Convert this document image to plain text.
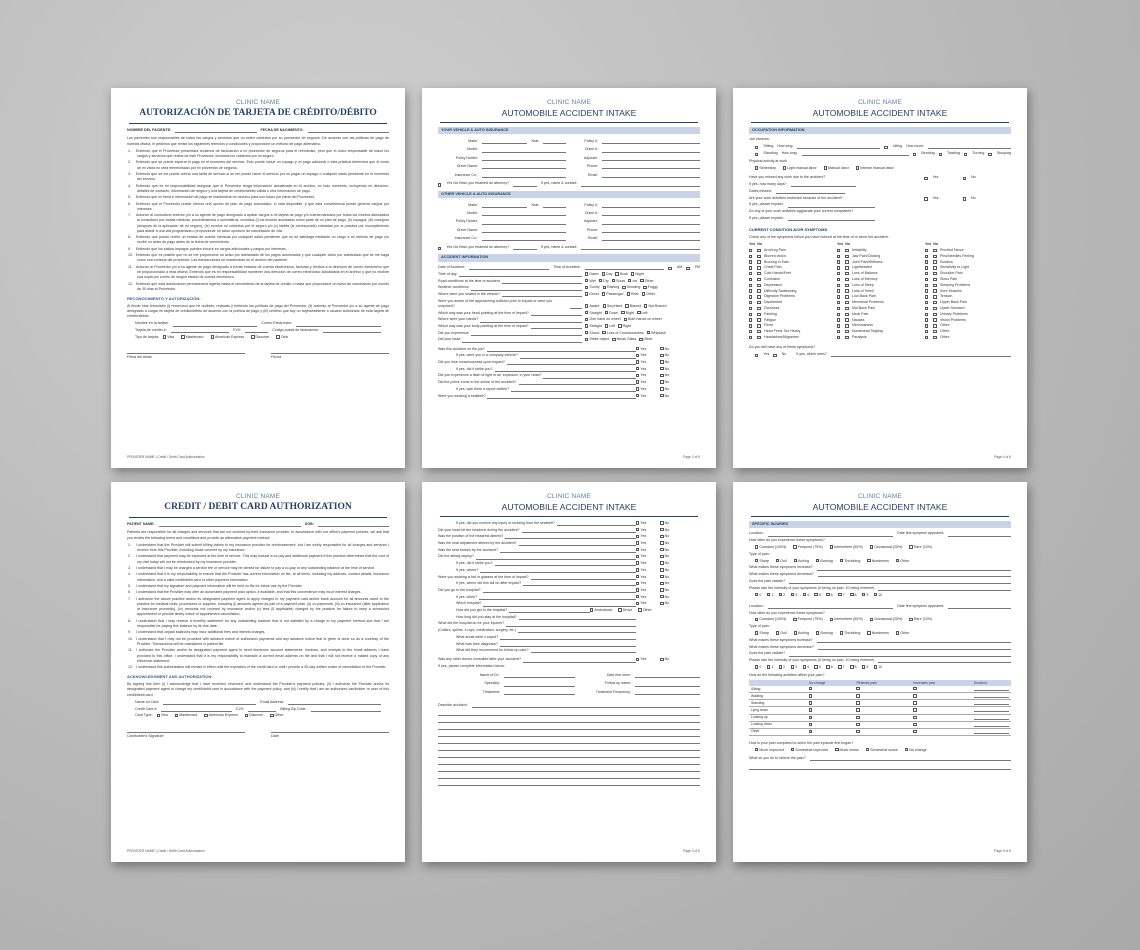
CLINIC NAME
AUTORIZACIÓN DE TARJETA DE CRÉDITO/DÉBITO
NOMBRE DEL PACIENTE:	FECHA DE NACIMIENTO:

Los pacientes son responsables de todos los cargos y servicios que no estén cubiertos por su proveedor de seguros. De acuerdo con las políticas de pago de nuestra oficina, le pedimos que revise los siguientes términos y condiciones y proporcione un método de pago alternativo.

1. Entiendo que el Proveedor presentará reclamos de facturación a mi proveedor de seguros para el reembolso, pero que el único responsable de todos los cargos y servicios que reciba de este Proveedor, incluidos los cubiertos por mi seguro.

2. Entiendo que se puede esperar el pago en el momento del servicio. Esto puede incluir un copago y un pago adicional o esta práctica determina que el costo de mi visita no será reembolsado por mi proveedor de seguros.

3. Entiendo que se me puede cobrar una tarifa de servicio si se me puede hacer el servicio por no pagar un copago o cualquier saldo pendiente en el momento del servicio.

4. Entiendo que es mi responsabilidad asegurar que el Proveedor tenga información actualizada en el archivo, en todo momento, incluyendo mi dirección, detalles de contacto, información del seguro y una tarjeta de crédito/débito válida u otra información de pago.

5. Entiendo que mi firma e información de pago se mantendrán en archivo para uso futuro por parte del Proveedor.

6. Entiendo que el Proveedor puede ofrecer una opción de plan de pago automático, si está disponible, y que esta conveniencia puede generar cargos por intereses.

7. Autorizo al consultorio anterior y/o a su agente de pago designado a aplicar cargos a mi tarjeta de pago y/o cuenta bancaria por todos los montos adeudados al consultorio por visitas médicas, procedimientos o suministros, incluidos (i) los montos acordados como parte de un plan de pago, (ii) copagos, (iii) coseguro (después de la aplicación de mi seguro), (iv) montos no cubiertos por el seguro y/o (v) tarifas (si corresponde) cobradas por la práctica por incumplimiento para asistir a una cita programada o proporcionar un aviso oportuno de cancelación de cita.

8. Entiendo que puedo recibir un estado de cuenta mensual por cualquier saldo pendiente que no se satisfaga mediante un cargo a mi método de pago y/o recibir un aviso de pago antes de la fecha de vencimiento.

9. Entiendo que los saldos impagos pueden incurrir en cargos adicionales y cargos por intereses.

10. Entiendo que es posible que no se me proporcione un aviso por adelantado de los pagos autorizados y que cualquier aviso por adelantado que se me haga como una cortesía del proveedor. Las transacciones se mantendrán en el archivo del paciente.

11. Autorizo al Proveedor y/o a su agente de pago designado a enviar estados de cuenta electrónicos, facturas y recibos a la dirección de correo electrónico que he proporcionado a esta oficina. Entiendo que es mi responsabilidad mantener una dirección de correo electrónico actualizada en el archivo y que no recibiré una copia por correo de ningún estado de cuenta electrónico.

12. Entiendo que esta autorización permanecerá vigente hasta el vencimiento de la tarjeta de crédito o hasta que proporcione un aviso de cancelación por escrito de 30 días al Proveedor.

RECONOCIMIENTO Y AUTORIZACIÓN:

Al firmar este formulario (i) reconozco que he recibido, revisado y entiendo las políticas de pago del Proveedor, (ii) autorizo al Proveedor y/o a su agente de pago designado a cargar mi tarjeta de crédito/débito de acuerdo con la política de pago y (iii) certifico que soy un tarjetahabiente o usuario autorizado de esta tarjeta de crédito/débito.

Nombre en la tarjeta:	Correo Electrónico:
Tarjeta de crédito #:	CVV:	Código postal de facturación:
Tipo de tarjeta:	Visa	Mastercard	American Express	Discover	Otra
Firma del titular	Fecha
PROVIDER NAME | Credit / Debit Card Authorization
CLINIC NAME
AUTOMOBILE ACCIDENT INTAKE
YOUR VEHICLE & AUTO INSURANCE
Make:	Year:	Policy #:
Model:	Claim #:
Policy Holder:	Adjuster:
Driver Name:	Phone:
Insurance Co.:	Email:
Yes No Have you retained an attorney?	If yes, name & contact:
OTHER VEHICLE & AUTO INSURANCE
Make:	Year:	Policy #:
Model:	Claim #:
Policy Holder:	Adjuster:
Driver Name:	Phone:
Insurance Co.:	Email:
Yes No Have you retained an attorney?	If yes, name & contact:
ACCIDENT INFORMATION
Date of Accident:	Time of Accident:	AM	PM
Time of day	Dawn Day Dusk Night
Road conditions at the time of accident	Wet Dry Snow Ice Other
Weather conditions	Sunny Raining Snowing Foggy
Where were you seated in the vehicle?	Driver Passenger Rear Other
Were you aware of the approaching collision prior to impact or were you surprised?	Aware Surprised Braced Not Braced
Which way was your head pointing at the time of impact?	Straight Down Right Left
Where were your hands?	One hand on wheel Both hands on wheel
Which way was your body pointing at the time of impact?	Straight Left Right
Did you experience	Shock Loss of Consciousness Whiplash
Did your head	Strike object Break Glass Other
Was this accident on the job?	Yes	No
If yes, were you in a company vehicle?	Yes	No
Did you lose consciousness upon impact?	Yes	No
If yes, did it strike you?	Yes	No
Did you experience a flash of light or an 'explosion' in your head?	Yes	No
Did the police come to the scene of the accident?	Yes	No
If yes, was there a report written?	Yes	No
Were you wearing a seatbelt?	Yes	No
Page 2 of 6
CLINIC NAME
AUTOMOBILE ACCIDENT INTAKE
OCCUPATION INFORMATION
Job involves:
Sitting How long:	Lifting How much:
Standing How long:	Bending	Twisting	Turning	Stooping
Physical activity at work
Sedentary	Light manual labor	Manual labor	Intense manual labor
Have you missed any work due to the accident?	Yes	No
If yes, how many days?
Dates missed:
Are your work activities restricted because of the accident?	Yes	No
If yes, please explain:
Do any of your work activities aggravate your current complaints?
If yes, please explain:
CURRENT CONDITION &/OR SYMPTOMS
Check any of the symptoms below you have noticed at the time of or since the accident:
Yes No	Yes No	Yes No
Arm/Leg Pain	Irritability	Pinched Nerve
Blurred vision	Jaw Pain/Clicking	Pins/Needles Feeling
Buzzing in Ears	Joint Pain/Stiffness	Sciatica
Chest Pain	Lightheaded	Sensitivity to Light
Cold Hands/Feet	Loss of Balance	Shoulder Pain
Confusion	Loss of Memory	Sinus Pain
Depression	Loss of Sleep	Sleeping Problems
Difficulty Swallowing	Loss of Smell	Sore Muscles
Digestive Problems	Low Back Pain	Tension
Disoriented	Menstrual Problems	Upper Back Pain
Dizziness	Mid Back Pain	Upset Stomach
Fainting	Neck Pain	Urinary Problems
Fatigue	Nausea	Vision Problems
Fever	Nervousness	Other:
Head Feels Too Heavy	Numbness/Tingling	Other:
Headaches/Migraines	Paralysis	Other:
Do you still have any of these symptoms?
Yes	No	If yes, which ones?
Page 4 of 6
CLINIC NAME
CREDIT / DEBIT CARD AUTHORIZATION
PATIENT NAME:	DOB:

Patients are responsible for all charges and services that are not covered by their insurance provider. In accordance with our office's payment policies, we ask that you review the following terms and conditions and provide an alternative payment method.

1. I understand that the Provider will submit billing claims to my insurance provider for reimbursement, but I am solely responsible for all charges and services I receive from this Provider, including those covered by my insurance.

2. I understand that payment may be expected at the time of service. This may include a co-pay and additional payment if this practice determines that the cost of my visit today will not be reimbursed by my insurance provider.

3. I understand that I may be charged a service fee or service may be denied for failure to pay a co-pay or any outstanding balance at the time of service.

4. I understand that it is my responsibility to ensure that the Provider has current information on file, at all times, including my address, contact details, insurance information, and a valid credit/debit card or other payment information.

5. I understand that my signature and payment information will be held on file for future use by the Provider.

6. I understand that the Provider may offer an automated payment plan option, if available, and that this convenience may incur interest charges.

7. I authorize the above practice and/or its designated payment agent to apply charges to my payment card and/or bank account for all amounts owed to the practice for medical visits, procedures or supplies, including (i) amounts agreed as part of a payment plan, (ii) co-payments, (iii) co-insurance (after application of insurance proceeds), (iv) amounts not covered by insurance and/or (v) fees (if applicable) charged by the practice for failure to keep a scheduled appointment or provide timely notice of appointment cancellation.

8. I understand that I may receive a monthly statement for any outstanding balance that is not satisfied by a charge to my payment method and that I am responsible for paying this balance by its due date.

9. I understand that unpaid balances may incur additional fees and interest charges.

10. I understand that I may not be provided with advance notice of authorized payments and any advance notice that is given is done so as a courtesy of the Provider. Transactions will be maintained in patient file.

11. I authorize the Provider and/or its designated payment agent to send electronic account statements, invoices, and receipts to the email address I have provided to this office. I understand that it is my responsibility to maintain a current email address on file and that I will not receive a mailed copy of any electronic statement.

12. I understand this authorization will remain in effect until the expiration of the credit card or until I provide a 30-day written notice of cancellation to the Provider.

ACKNOWLEDGMENT AND AUTHORIZATION:

By signing this form (i) I acknowledge that I have received, reviewed, and understand the Provider's payment policies, (ii) I authorize the Provider and/or its designated payment agent to charge my credit/debit card in accordance with the payment policy, and (iii) I certify that I am an authorized cardholder or user of this credit/debit card.

Name on Card:	Email Address:
Credit Card #:	CVV:	Billing Zip Code:
Card Type:	Visa	Mastercard	American Express	Discover	Other
Cardholder's Signature	Date
PROVIDER NAME | Credit / Debit Card Authorization
CLINIC NAME
AUTOMOBILE ACCIDENT INTAKE
If yes, did you receive any injury or bruising from the seatbelt?	Yes	No
Did your head hit the headrest during the accident?	Yes	No
Was the position of the headrest altered?	Yes	No
Was the seat adjustment altered by the accident?	Yes	No
Was the seat broken by the accident?	Yes	No
Did the airbag deploy?	Yes	No
If yes, did it strike you?	Yes	No
If yes, where?	Yes	No
Were you wearing a hat or glasses at the time of impact?	Yes	No
If yes, where did this fall on after impact?	Yes	No
Did you go to the hospital?	Yes	No
If yes, when?	Yes	No
Which hospital?	Yes	No
How did you get to the hospital?	Ambulance	Drove	Other
How long did you stay at the hospital?
What did the hospital do for your injuries?
(Collars, splints, x-rays, medication, surgery, etc.)
What areas were x-rayed?
What was their diagnosis?
What did they recommend for follow-up care?
Was any other doctor consulted after your accident?	Yes	No
If yes, please complete information below:
Name of Dr.:	Date first seen:
Specialty:	Follow up dates:
Treatment:	Treatment Frequency:
Describe accident:
Page 3 of 6
CLINIC NAME
AUTOMOBILE ACCIDENT INTAKE
SPECIFIC INJURIES
Location:	Date first symptom appeared:
How often do you experience these symptoms?
Constant (100%)	Frequent (75%)	Intermittent (50%)	Occasional (25%)	Rare (10%)
Type of pain:
Sharp	Dull	Aching	Burning	Throbbing	Numbness	Other
What makes these symptoms increase?
What makes these symptoms decrease?
Does the pain radiate?
Please rate the intensity of your symptoms (0 being no pain, 10 being extreme)
0	1	2	3	4	5	6	7	8	9	10
Location:	Date first symptom appeared:
How often do you experience these symptoms?
Constant (100%)	Frequent (75%)	Intermittent (50%)	Occasional (25%)	Rare (10%)
Type of pain:
Sharp	Dull	Aching	Burning	Throbbing	Numbness	Other
What makes these symptoms increase?
What makes these symptoms decrease?
Does the pain radiate?
Please rate the intensity of your symptoms (0 being no pain, 10 being extreme)
0	1	2	3	4	5	6	7	8	9	10
How do the following activities affect your pain?
	No change	Relieves pain	Increases pain	Duration
Sitting				

Walking				

Standing				

Lying down				

Looking up				

Looking down				

Other				
How is your pain compared to when the pain episode first began?
Much improved	Somewhat improved	Much worse	Somewhat worse	No change
What do you do to relieve the pain?
Page 5 of 6
